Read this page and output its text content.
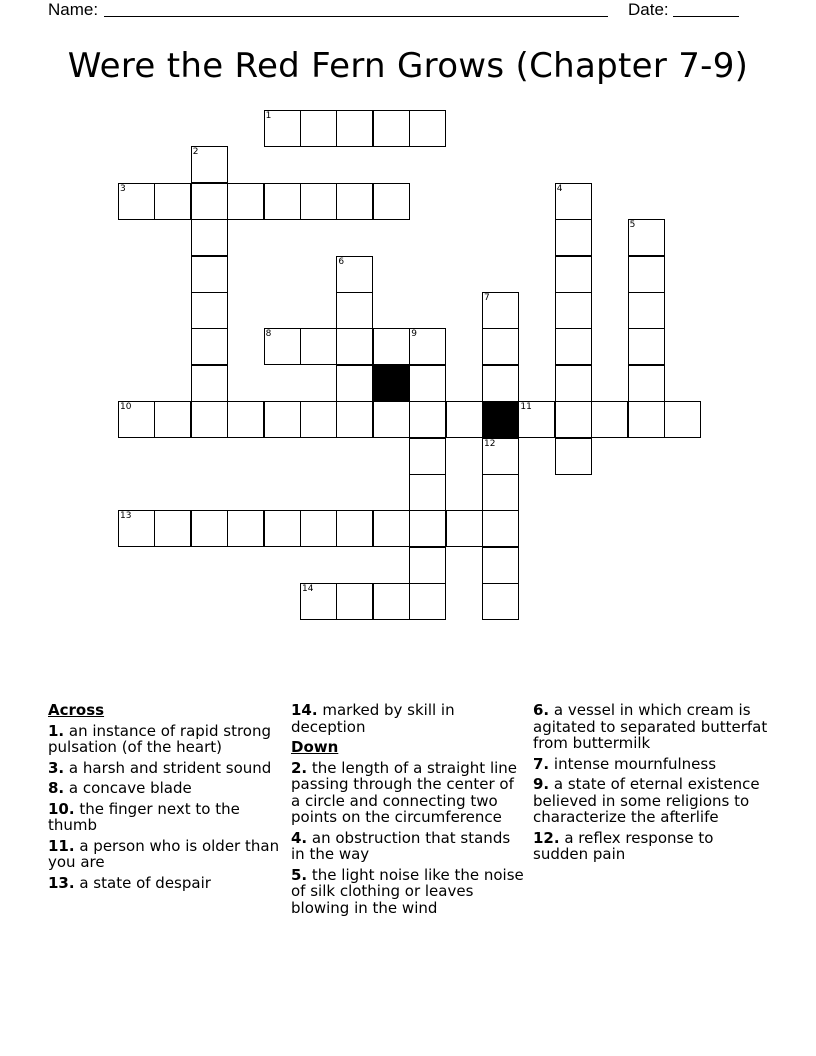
Name:	Date:
Were the Red Fern Grows (Chapter 7-9)
1
3
8	9
10	11
13
14
2
4
5
6
7
12
Across
1. an instance of rapid strong pulsation (of the heart)
3. a harsh and strident sound
8. a concave blade
10. the finger next to the thumb
11. a person who is older than you are
13. a state of despair
14. marked by skill in deception
Down
2. the length of a straight line passing through the center of a circle and connecting two points on the circumference
4. an obstruction that stands in the way
5. the light noise like the noise of silk clothing or leaves blowing in the wind
6. a vessel in which cream is agitated to separated butterfat from buttermilk
7. intense mournfulness
9. a state of eternal existence believed in some religions to characterize the afterlife
12. a reflex response to sudden pain
